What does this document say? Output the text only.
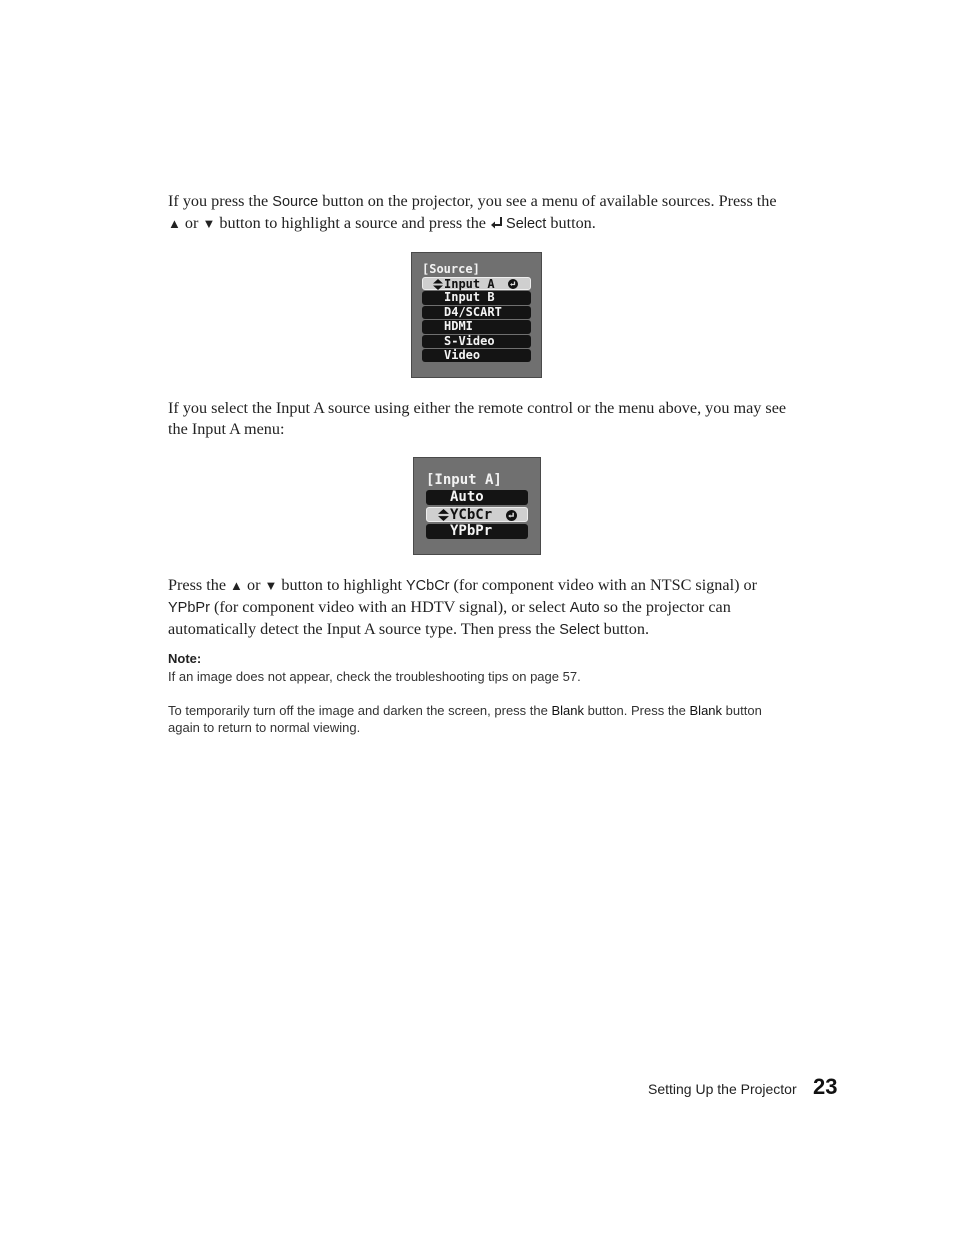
If you press the Source button on the projector, you see a menu of available sources. Press the ▲ or ▼ button to highlight a source and press the Select button.
[Source]
Input A
Input B
D4/SCART
HDMI
S-Video
Video
If you select the Input A source using either the remote control or the menu above, you may see the Input A menu:
[Input A]
Auto
YCbCr
YPbPr
Press the ▲ or ▼ button to highlight YCbCr (for component video with an NTSC signal) or YPbPr (for component video with an HDTV signal), or select Auto so the projector can automatically detect the Input A source type. Then press the Select button.
Note:
If an image does not appear, check the troubleshooting tips on page 57.
To temporarily turn off the image and darken the screen, press the Blank button. Press the Blank button again to return to normal viewing.
Setting Up the Projector 23
